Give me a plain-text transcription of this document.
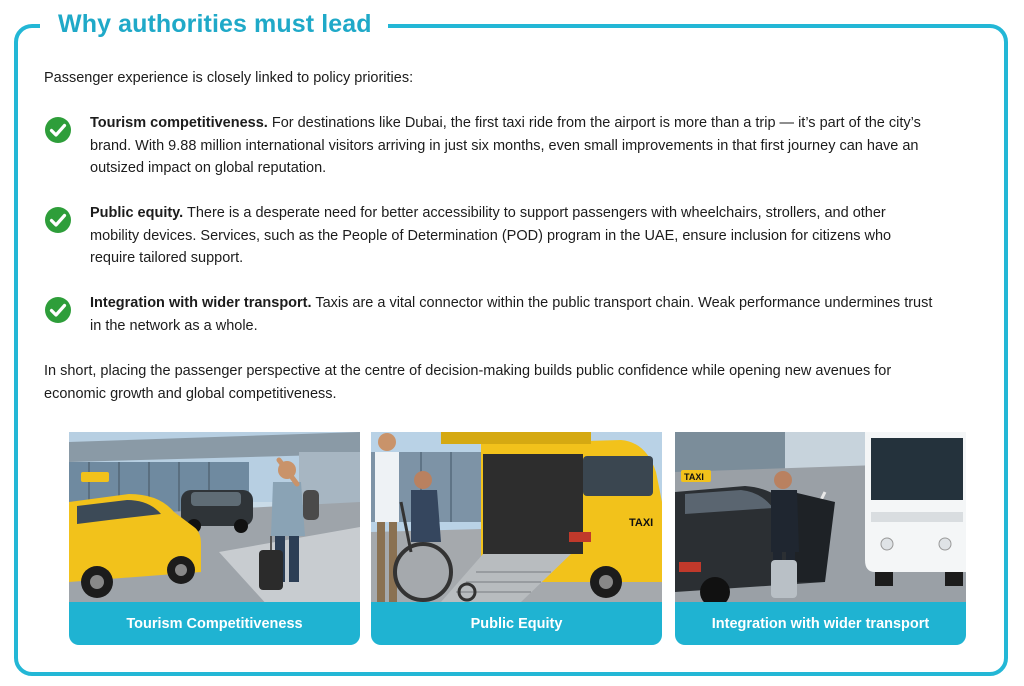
Why authorities must lead
Passenger experience is closely linked to policy priorities:
Tourism competitiveness. For destinations like Dubai, the first taxi ride from the airport is more than a trip — it’s part of the city’s brand. With 9.88 million international visitors arriving in just six months, even small improvements in that first journey can have an outsized impact on global reputation.
Public equity. There is a desperate need for better accessibility to support passengers with wheelchairs, strollers, and other mobility devices. Services, such as the People of Determination (POD) program in the UAE, ensure inclusion for citizens who require tailored support.
Integration with wider transport. Taxis are a vital connector within the public transport chain. Weak performance undermines trust in the network as a whole.
In short, placing the passenger perspective at the centre of decision-making builds public confidence while opening new avenues for economic growth and global competitiveness.
Tourism Competitiveness
TAXI
Public Equity
TAXI
Integration with wider transport
